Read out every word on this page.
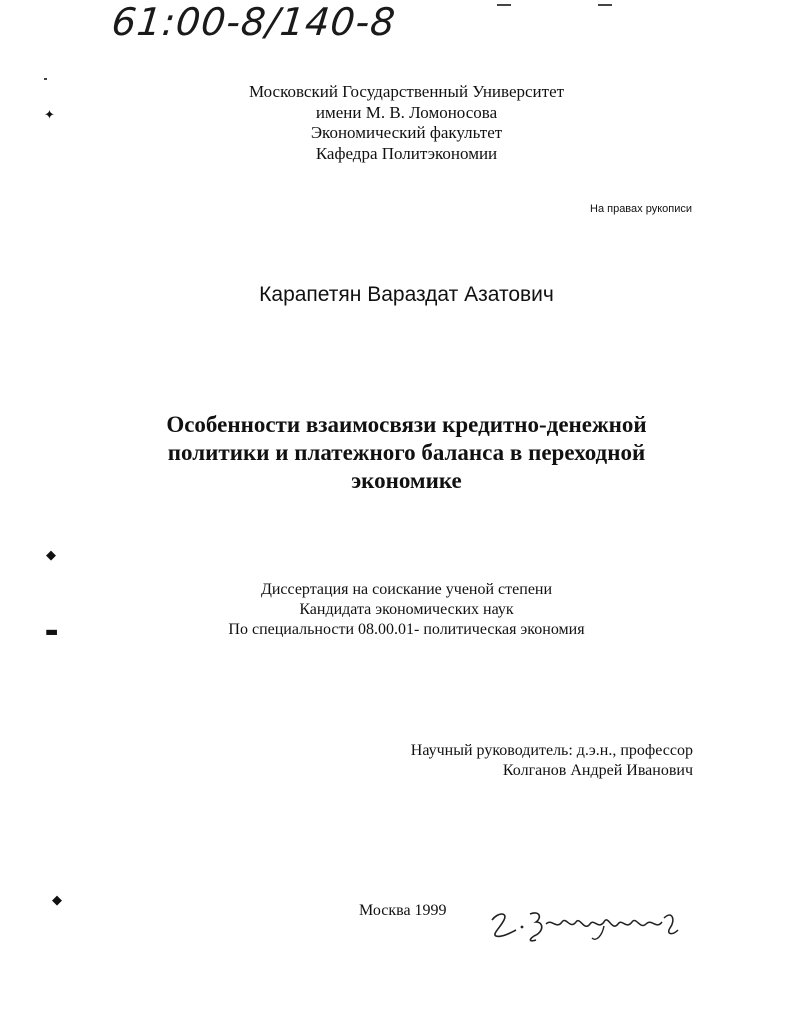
61:00-8/140-8
Московский Государственный Университет
имени М. В. Ломоносова
Экономический факультет
Кафедра Политэкономии
На правах рукописи
Карапетян Вараздат Азатович
Особенности взаимосвязи кредитно-денежной
политики и платежного баланса в переходной
экономике
Диссертация на соискание ученой степени
Кандидата экономических наук
По специальности 08.00.01- политическая экономия
Научный руководитель: д.э.н., профессор
Колганов Андрей Иванович
Москва 1999
✦
◆
▬
◆
